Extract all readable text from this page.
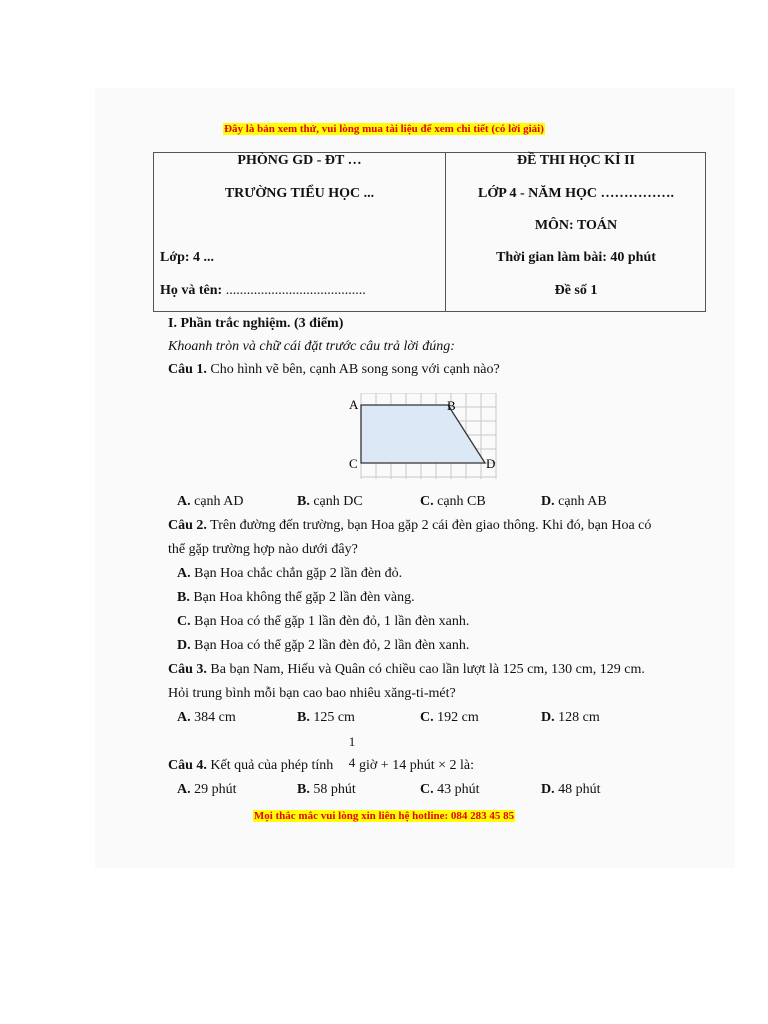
Đây là bản xem thử, vui lòng mua tài liệu để xem chi tiết (có lời giải)
PHÒNG GD - ĐT …
TRƯỜNG TIỂU HỌC ...
Lớp: 4 ...
Họ và tên: ........................................
ĐỀ THI HỌC KÌ II
LỚP 4 - NĂM HỌC …………….
MÔN: TOÁN
Thời gian làm bài: 40 phút
Đề số 1
I. Phần trắc nghiệm. (3 điểm)
Khoanh tròn và chữ cái đặt trước câu trả lời đúng:
Câu 1. Cho hình vẽ bên, cạnh AB song song với cạnh nào?
A	B
C	D
A. cạnh AD	B. cạnh DC	C. cạnh CB	D. cạnh AB
Câu 2. Trên đường đến trường, bạn Hoa gặp 2 cái đèn giao thông. Khi đó, bạn Hoa có
thể gặp trường hợp nào dưới đây?
A. Bạn Hoa chắc chắn gặp 2 lần đèn đỏ.
B. Bạn Hoa không thể gặp 2 lần đèn vàng.
C. Bạn Hoa có thể gặp 1 lần đèn đỏ, 1 lần đèn xanh.
D. Bạn Hoa có thể gặp 2 lần đèn đỏ, 2 lần đèn xanh.
Câu 3. Ba bạn Nam, Hiếu và Quân có chiều cao lần lượt là 125 cm, 130 cm, 129 cm.
Hỏi trung bình mỗi bạn cao bao nhiêu xăng-ti-mét?
A. 384 cm	B. 125 cm	C. 192 cm	D. 128 cm
1
4
Câu 4. Kết quả của phép tính giờ + 14 phút × 2 là:
A. 29 phút	B. 58 phút	C. 43 phút	D. 48 phút
Mọi thắc mắc vui lòng xin liên hệ hotline: 084 283 45 85
